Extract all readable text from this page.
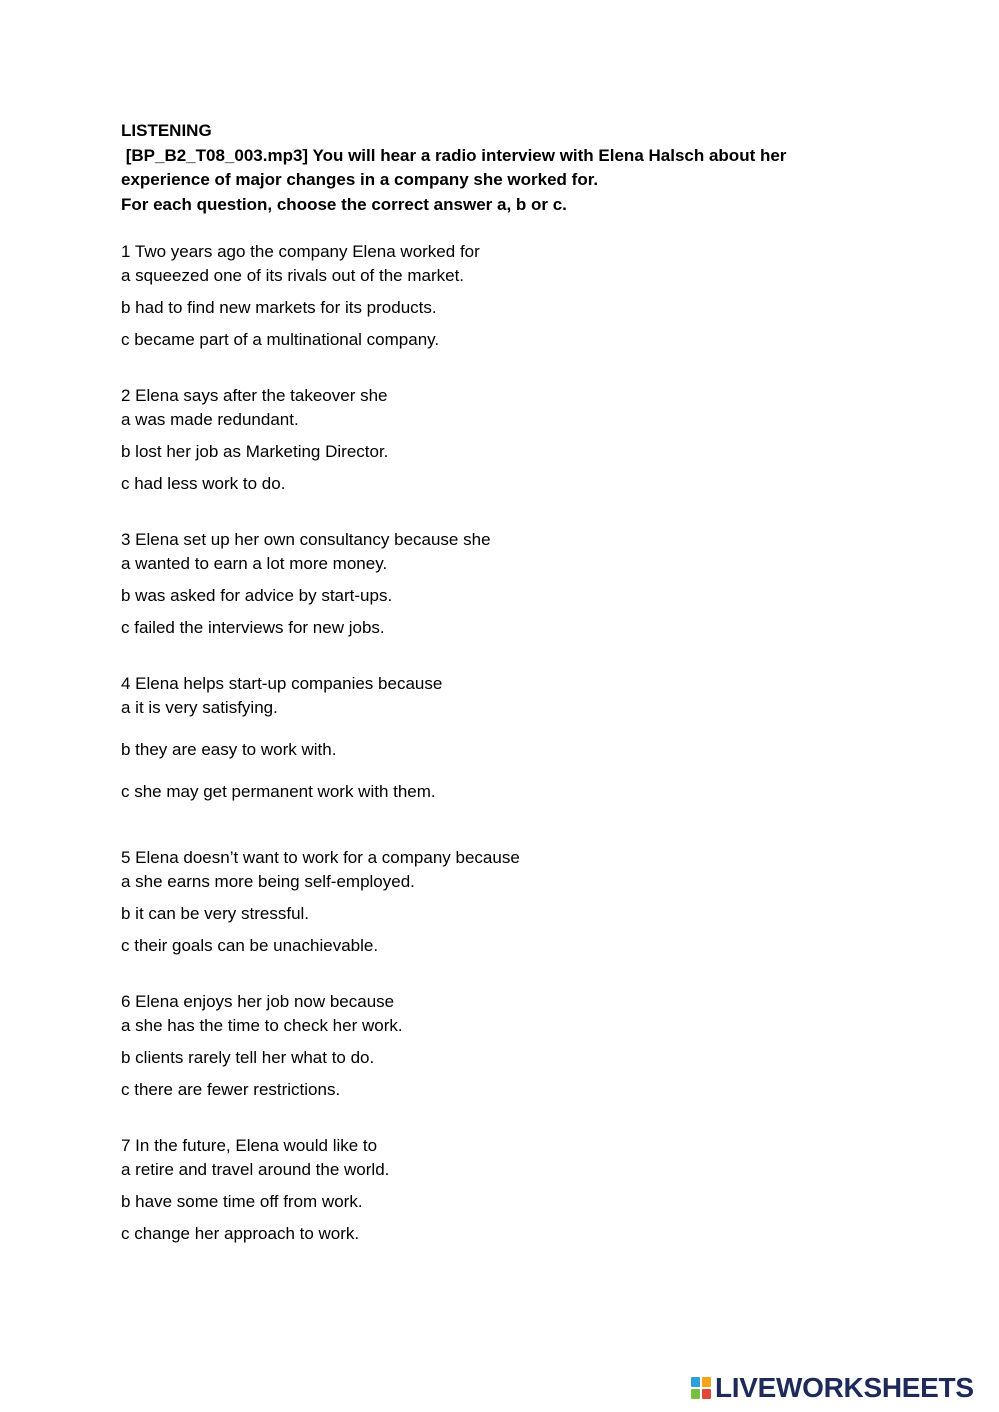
LISTENING
[BP_B2_T08_003.mp3] You will hear a radio interview with Elena Halsch about her
experience of major changes in a company she worked for.
For each question, choose the correct answer a, b or c.
1 Two years ago the company Elena worked for
a squeezed one of its rivals out of the market.
b had to find new markets for its products.
c became part of a multinational company.
2 Elena says after the takeover she
a was made redundant.
b lost her job as Marketing Director.
c had less work to do.
3 Elena set up her own consultancy because she
a wanted to earn a lot more money.
b was asked for advice by start-ups.
c failed the interviews for new jobs.
4 Elena helps start-up companies because
a it is very satisfying.
b they are easy to work with.
c she may get permanent work with them.
5 Elena doesn’t want to work for a company because
a she earns more being self-employed.
b it can be very stressful.
c their goals can be unachievable.
6 Elena enjoys her job now because
a she has the time to check her work.
b clients rarely tell her what to do.
c there are fewer restrictions.
7 In the future, Elena would like to
a retire and travel around the world.
b have some time off from work.
c change her approach to work.
LIVEWORKSHEETS
